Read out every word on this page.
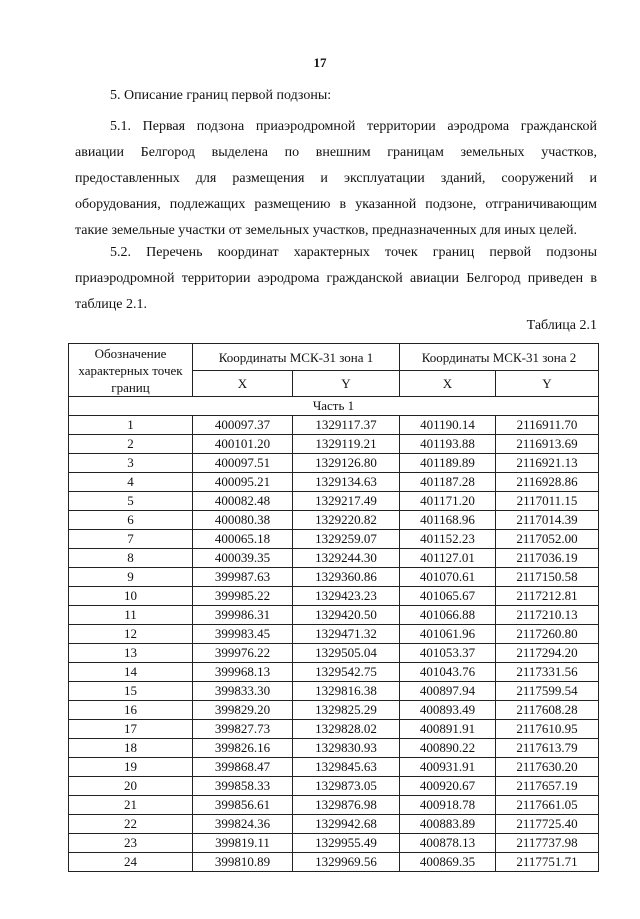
17
5. Описание границ первой подзоны:
5.1. Первая подзона приаэродромной территории аэродрома гражданской авиации Белгород выделена по внешним границам земельных участков, предоставленных для размещения и эксплуатации зданий, сооружений и оборудования, подлежащих размещению в указанной подзоне, отграничивающим такие земельные участки от земельных участков, предназначенных для иных целей.
5.2. Перечень координат характерных точек границ первой подзоны приаэродромной территории аэродрома гражданской авиации Белгород приведен в таблице 2.1.
Таблица 2.1
Обозначение характерных точек границ	Координаты МСК-31 зона 1		Координаты МСК-31 зона 2	
	X	Y	X	Y
Часть 1				
1	400097.37	1329117.37	401190.14	2116911.70
2	400101.20	1329119.21	401193.88	2116913.69
3	400097.51	1329126.80	401189.89	2116921.13
4	400095.21	1329134.63	401187.28	2116928.86
5	400082.48	1329217.49	401171.20	2117011.15
6	400080.38	1329220.82	401168.96	2117014.39
7	400065.18	1329259.07	401152.23	2117052.00
8	400039.35	1329244.30	401127.01	2117036.19
9	399987.63	1329360.86	401070.61	2117150.58
10	399985.22	1329423.23	401065.67	2117212.81
11	399986.31	1329420.50	401066.88	2117210.13
12	399983.45	1329471.32	401061.96	2117260.80
13	399976.22	1329505.04	401053.37	2117294.20
14	399968.13	1329542.75	401043.76	2117331.56
15	399833.30	1329816.38	400897.94	2117599.54
16	399829.20	1329825.29	400893.49	2117608.28
17	399827.73	1329828.02	400891.91	2117610.95
18	399826.16	1329830.93	400890.22	2117613.79
19	399868.47	1329845.63	400931.91	2117630.20
20	399858.33	1329873.05	400920.67	2117657.19
21	399856.61	1329876.98	400918.78	2117661.05
22	399824.36	1329942.68	400883.89	2117725.40
23	399819.11	1329955.49	400878.13	2117737.98
24	399810.89	1329969.56	400869.35	2117751.71
